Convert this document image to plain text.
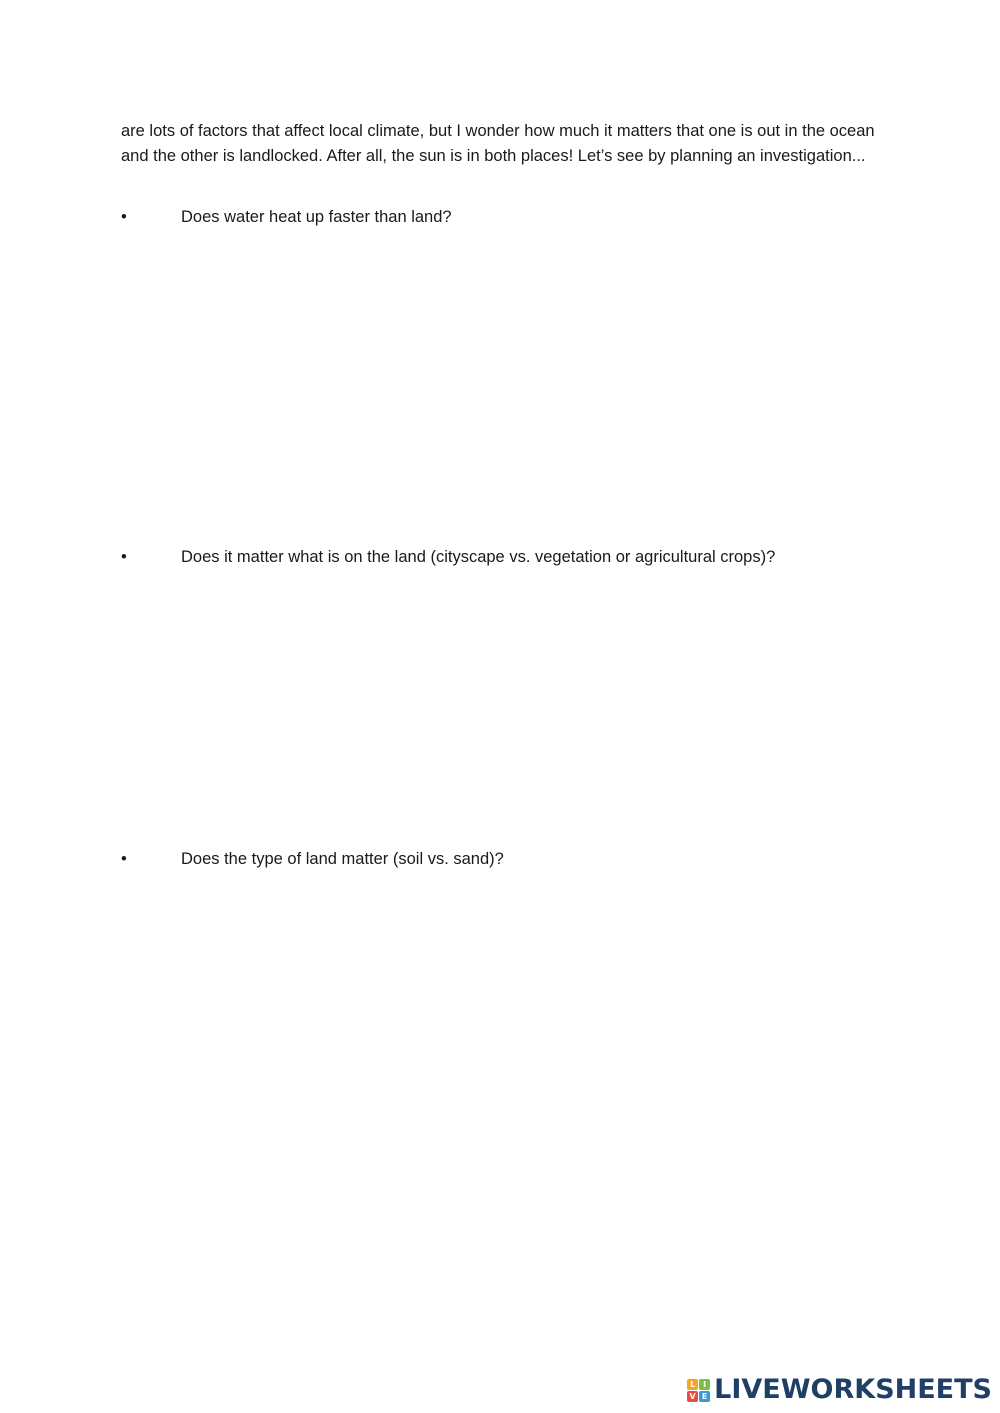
are lots of factors that affect local climate, but I wonder how much it matters that one is out in the ocean and the other is landlocked. After all, the sun is in both places! Let’s see by planning an investigation...

•	Does water heat up faster than land?
•	Does it matter what is on the land (cityscape vs. vegetation or agricultural crops)?
•	Does the type of land matter (soil vs. sand)?
L I
V E LIVEWORKSHEETS
